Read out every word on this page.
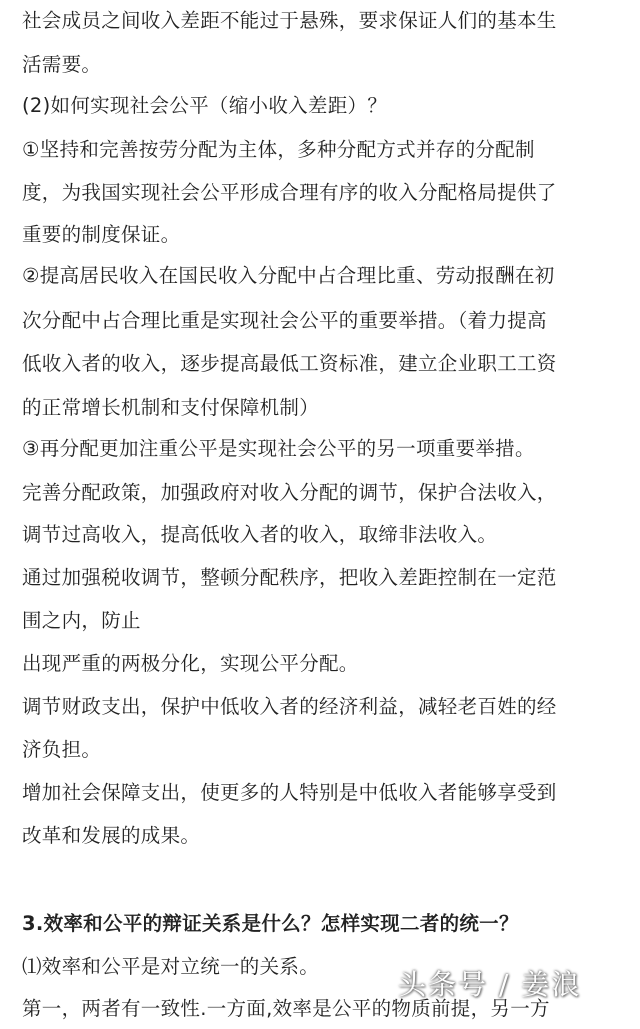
社会成员之间收入差距不能过于悬殊，要求保证人们的基本生
活需要。
(2)如何实现社会公平（缩小收入差距）？
①坚持和完善按劳分配为主体，多种分配方式并存的分配制
度，为我国实现社会公平形成合理有序的收入分配格局提供了
重要的制度保证。
②提高居民收入在国民收入分配中占合理比重、劳动报酬在初
次分配中占合理比重是实现社会公平的重要举措。（着力提高
低收入者的收入，逐步提高最低工资标准，建立企业职工工资
的正常增长机制和支付保障机制）
③再分配更加注重公平是实现社会公平的另一项重要举措。
完善分配政策，加强政府对收入分配的调节，保护合法收入，
调节过高收入，提高低收入者的收入，取缔非法收入。
通过加强税收调节，整顿分配秩序，把收入差距控制在一定范
围之内，防止
出现严重的两极分化，实现公平分配。
调节财政支出，保护中低收入者的经济利益，减轻老百姓的经
济负担。
增加社会保障支出，使更多的人特别是中低收入者能够享受到
改革和发展的成果。
3.效率和公平的辩证关系是什么？怎样实现二者的统一？
⑴效率和公平是对立统一的关系。
第一，两者有一致性.一方面,效率是公平的物质前提，另一方
头条号 / 姜浪
